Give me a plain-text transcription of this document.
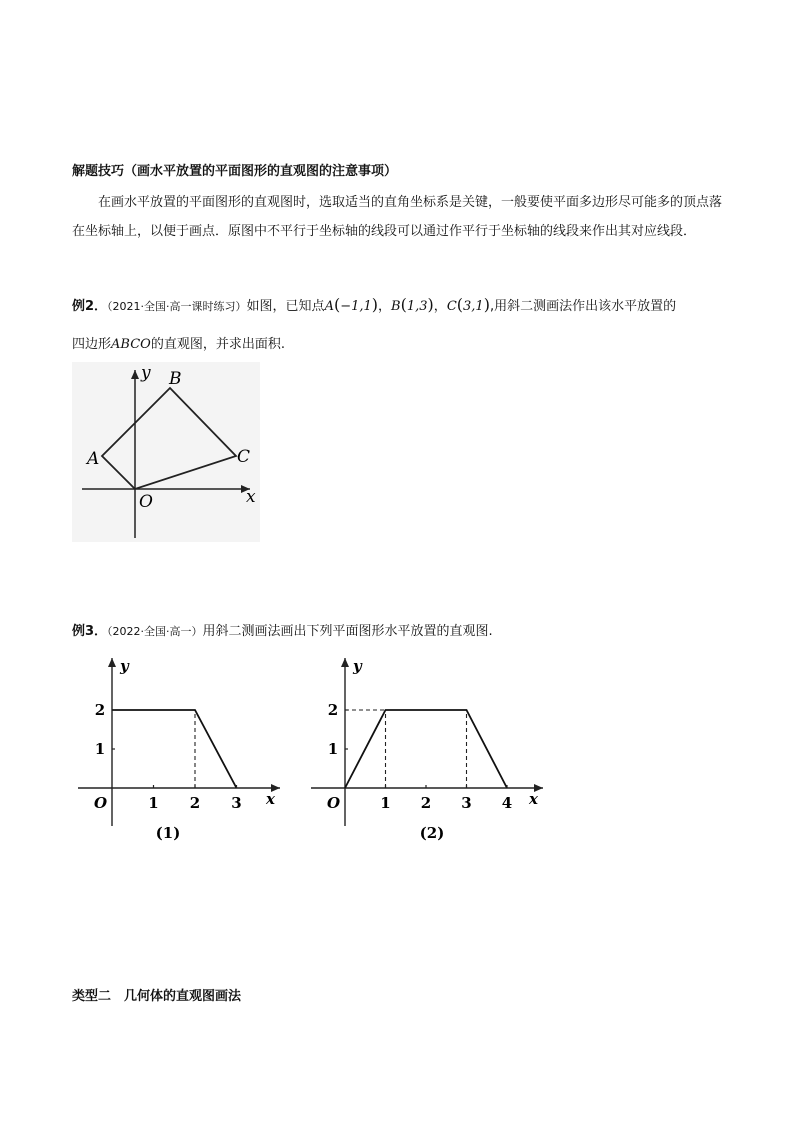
解题技巧（画水平放置的平面图形的直观图的注意事项）
在画水平放置的平面图形的直观图时，选取适当的直角坐标系是关键，一般要使平面多边形尽可能多的顶点落在坐标轴上，以便于画点．原图中不平行于坐标轴的线段可以通过作平行于坐标轴的线段来作出其对应线段．
例2．（2021·全国·高一课时练习）如图，已知点A(−1,1)，B(1,3)，C(3,1),用斜二测画法作出该水平放置的
四边形ABCO的直观图，并求出面积.
A
B
C
O	x
y
例3．（2022·全国·高一）用斜二测画法画出下列平面图形水平放置的直观图.
1 2 3
1
2
O	x
y
(1)
1 2 3 4
1
2
O	x
y
(2)
类型二　几何体的直观图画法
